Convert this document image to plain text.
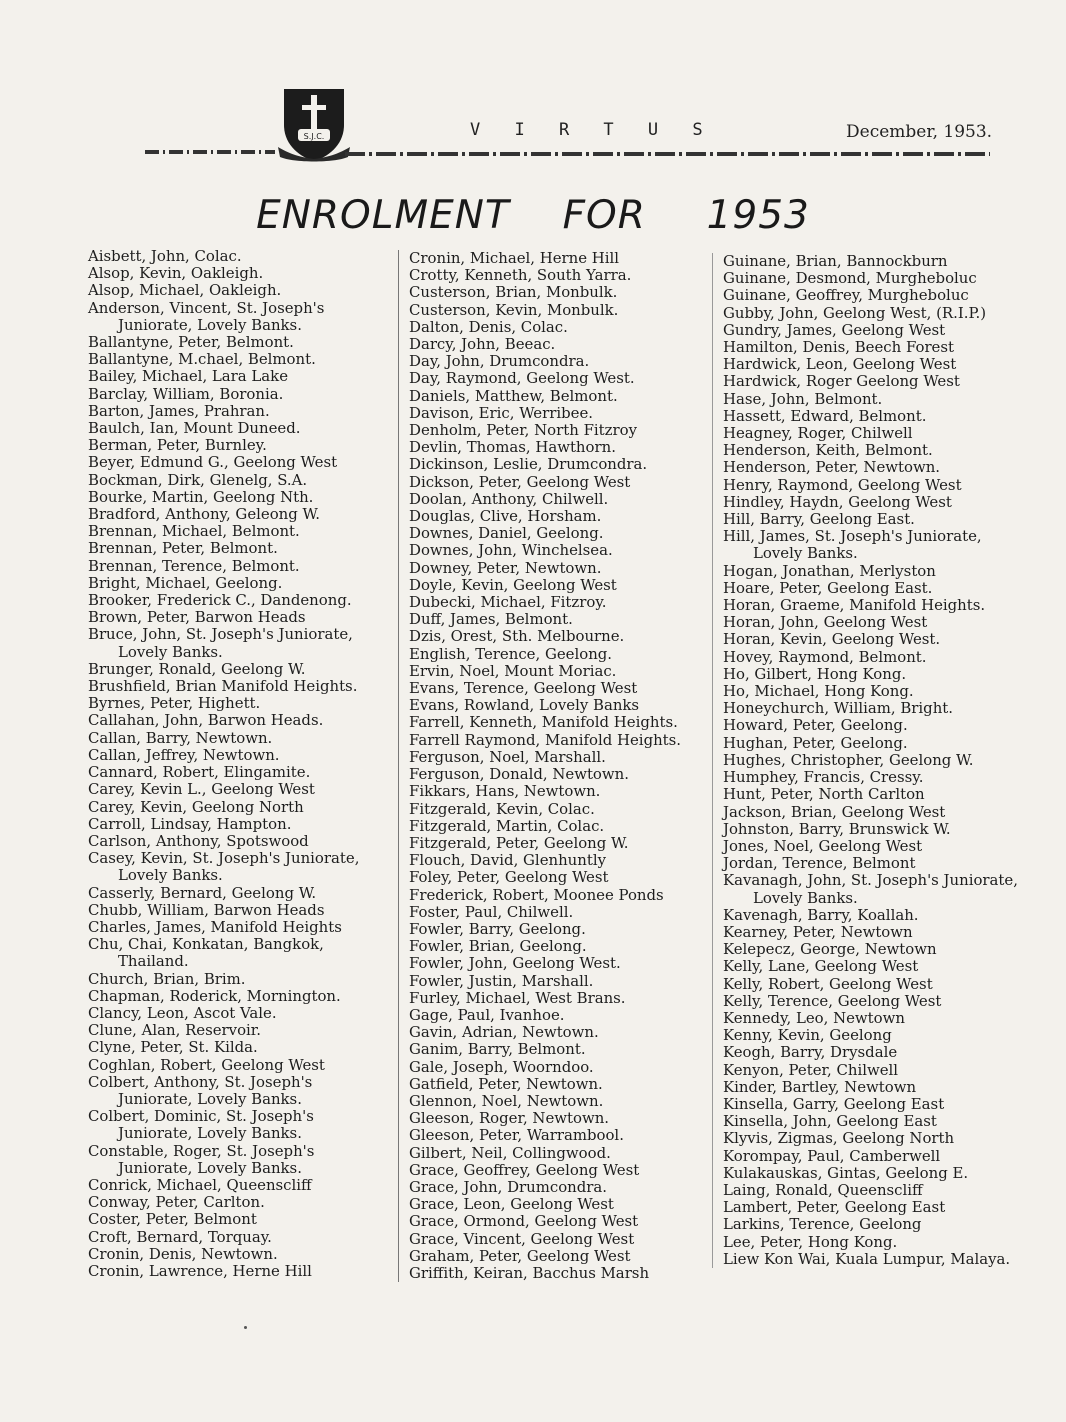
S.J.C.	V I R T U S	December, 1953.
ENROLMENT FOR 1953

Aisbett, John, Colac.

Alsop, Kevin, Oakleigh.

Alsop, Michael, Oakleigh.

Anderson, Vincent, St. Joseph's Juniorate, Lovely Banks.

Ballantyne, Peter, Belmont.

Ballantyne, M.chael, Belmont.

Bailey, Michael, Lara Lake

Barclay, William, Boronia.

Barton, James, Prahran.

Baulch, Ian, Mount Duneed.

Berman, Peter, Burnley.

Beyer, Edmund G., Geelong West

Bockman, Dirk, Glenelg, S.A.

Bourke, Martin, Geelong Nth.

Bradford, Anthony, Geleong W.

Brennan, Michael, Belmont.

Brennan, Peter, Belmont.

Brennan, Terence, Belmont.

Bright, Michael, Geelong.

Brooker, Frederick C., Dandenong.

Brown, Peter, Barwon Heads

Bruce, John, St. Joseph's Juniorate, Lovely Banks.

Brunger, Ronald, Geelong W.

Brushfield, Brian Manifold Heights.

Byrnes, Peter, Highett.

Callahan, John, Barwon Heads.

Callan, Barry, Newtown.

Callan, Jeffrey, Newtown.

Cannard, Robert, Elingamite.

Carey, Kevin L., Geelong West

Carey, Kevin, Geelong North

Carroll, Lindsay, Hampton.

Carlson, Anthony, Spotswood

Casey, Kevin, St. Joseph's Juniorate, Lovely Banks.

Casserly, Bernard, Geelong W.

Chubb, William, Barwon Heads

Charles, James, Manifold Heights

Chu, Chai, Konkatan, Bangkok, Thailand.

Church, Brian, Brim.

Chapman, Roderick, Mornington.

Clancy, Leon, Ascot Vale.

Clune, Alan, Reservoir.

Clyne, Peter, St. Kilda.

Coghlan, Robert, Geelong West

Colbert, Anthony, St. Joseph's Juniorate, Lovely Banks.

Colbert, Dominic, St. Joseph's Juniorate, Lovely Banks.

Constable, Roger, St. Joseph's Juniorate, Lovely Banks.

Conrick, Michael, Queenscliff

Conway, Peter, Carlton.

Coster, Peter, Belmont

Croft, Bernard, Torquay.

Cronin, Denis, Newtown.

Cronin, Lawrence, Herne Hill

Cronin, Michael, Herne Hill

Crotty, Kenneth, South Yarra.

Custerson, Brian, Monbulk.

Custerson, Kevin, Monbulk.

Dalton, Denis, Colac.

Darcy, John, Beeac.

Day, John, Drumcondra.

Day, Raymond, Geelong West.

Daniels, Matthew, Belmont.

Davison, Eric, Werribee.

Denholm, Peter, North Fitzroy

Devlin, Thomas, Hawthorn.

Dickinson, Leslie, Drumcondra.

Dickson, Peter, Geelong West

Doolan, Anthony, Chilwell.

Douglas, Clive, Horsham.

Downes, Daniel, Geelong.

Downes, John, Winchelsea.

Downey, Peter, Newtown.

Doyle, Kevin, Geelong West

Dubecki, Michael, Fitzroy.

Duff, James, Belmont.

Dzis, Orest, Sth. Melbourne.

English, Terence, Geelong.

Ervin, Noel, Mount Moriac.

Evans, Terence, Geelong West

Evans, Rowland, Lovely Banks

Farrell, Kenneth, Manifold Heights.

Farrell Raymond, Manifold Heights.

Ferguson, Noel, Marshall.

Ferguson, Donald, Newtown.

Fikkars, Hans, Newtown.

Fitzgerald, Kevin, Colac.

Fitzgerald, Martin, Colac.

Fitzgerald, Peter, Geelong W.

Flouch, David, Glenhuntly

Foley, Peter, Geelong West

Frederick, Robert, Moonee Ponds

Foster, Paul, Chilwell.

Fowler, Barry, Geelong.

Fowler, Brian, Geelong.

Fowler, John, Geelong West.

Fowler, Justin, Marshall.

Furley, Michael, West Brans.

Gage, Paul, Ivanhoe.

Gavin, Adrian, Newtown.

Ganim, Barry, Belmont.

Gale, Joseph, Woorndoo.

Gatfield, Peter, Newtown.

Glennon, Noel, Newtown.

Gleeson, Roger, Newtown.

Gleeson, Peter, Warrambool.

Gilbert, Neil, Collingwood.

Grace, Geoffrey, Geelong West

Grace, John, Drumcondra.

Grace, Leon, Geelong West

Grace, Ormond, Geelong West

Grace, Vincent, Geelong West

Graham, Peter, Geelong West

Griffith, Keiran, Bacchus Marsh

Guinane, Brian, Bannockburn

Guinane, Desmond, Murgheboluc

Guinane, Geoffrey, Murgheboluc

Gubby, John, Geelong West, (R.I.P.)

Gundry, James, Geelong West

Hamilton, Denis, Beech Forest

Hardwick, Leon, Geelong West

Hardwick, Roger Geelong West

Hase, John, Belmont.

Hassett, Edward, Belmont.

Heagney, Roger, Chilwell

Henderson, Keith, Belmont.

Henderson, Peter, Newtown.

Henry, Raymond, Geelong West

Hindley, Haydn, Geelong West

Hill, Barry, Geelong East.

Hill, James, St. Joseph's Juniorate, Lovely Banks.

Hogan, Jonathan, Merlyston

Hoare, Peter, Geelong East.

Horan, Graeme, Manifold Heights.

Horan, John, Geelong West

Horan, Kevin, Geelong West.

Hovey, Raymond, Belmont.

Ho, Gilbert, Hong Kong.

Ho, Michael, Hong Kong.

Honeychurch, William, Bright.

Howard, Peter, Geelong.

Hughan, Peter, Geelong.

Hughes, Christopher, Geelong W.

Humphey, Francis, Cressy.

Hunt, Peter, North Carlton

Jackson, Brian, Geelong West

Johnston, Barry, Brunswick W.

Jones, Noel, Geelong West

Jordan, Terence, Belmont

Kavanagh, John, St. Joseph's Juniorate, Lovely Banks.

Kavenagh, Barry, Koallah.

Kearney, Peter, Newtown

Kelepecz, George, Newtown

Kelly, Lane, Geelong West

Kelly, Robert, Geelong West

Kelly, Terence, Geelong West

Kennedy, Leo, Newtown

Kenny, Kevin, Geelong

Keogh, Barry, Drysdale

Kenyon, Peter, Chilwell

Kinder, Bartley, Newtown

Kinsella, Garry, Geelong East

Kinsella, John, Geelong East

Klyvis, Zigmas, Geelong North

Korompay, Paul, Camberwell

Kulakauskas, Gintas, Geelong E.

Laing, Ronald, Queenscliff

Lambert, Peter, Geelong East

Larkins, Terence, Geelong

Lee, Peter, Hong Kong.

Liew Kon Wai, Kuala Lumpur, Malaya.
